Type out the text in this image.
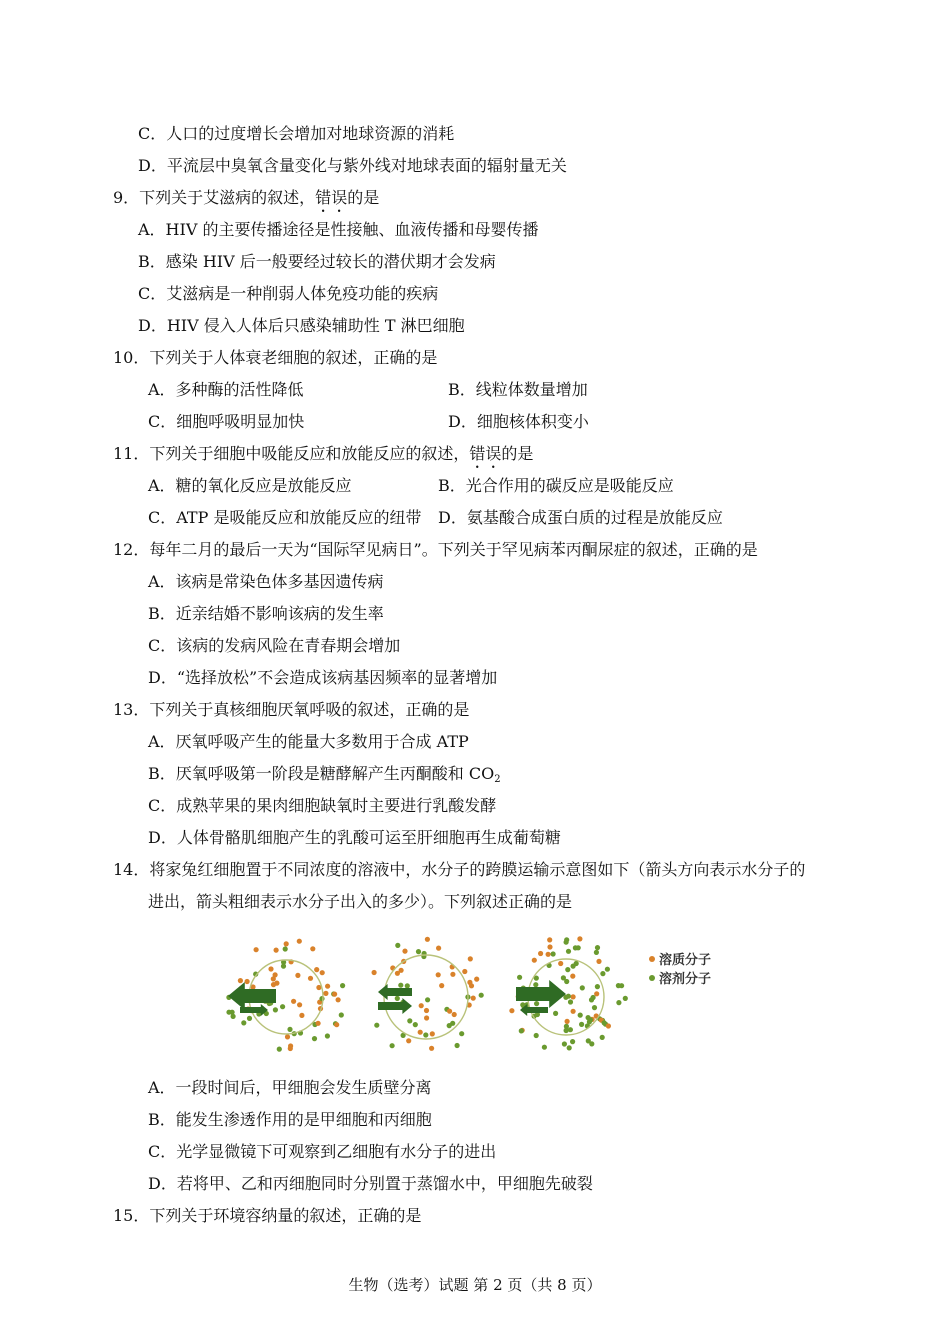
C．人口的过度增长会增加对地球资源的消耗
D．平流层中臭氧含量变化与紫外线对地球表面的辐射量无关
9．下列关于艾滋病的叙述，错误的是
A．HIV 的主要传播途径是性接触、血液传播和母婴传播
B．感染 HIV 后一般要经过较长的潜伏期才会发病
C．艾滋病是一种削弱人体免疫功能的疾病
D．HIV 侵入人体后只感染辅助性 T 淋巴细胞
10．下列关于人体衰老细胞的叙述，正确的是
A．多种酶的活性降低	B．线粒体数量增加
C．细胞呼吸明显加快	D．细胞核体积变小
11．下列关于细胞中吸能反应和放能反应的叙述，错误的是
A．糖的氧化反应是放能反应	B．光合作用的碳反应是吸能反应
C．ATP 是吸能反应和放能反应的纽带 D．氨基酸合成蛋白质的过程是放能反应
12．每年二月的最后一天为“国际罕见病日”。下列关于罕见病苯丙酮尿症的叙述，正确的是
A．该病是常染色体多基因遗传病
B．近亲结婚不影响该病的发生率
C．该病的发病风险在青春期会增加
D．“选择放松”不会造成该病基因频率的显著增加
13．下列关于真核细胞厌氧呼吸的叙述，正确的是
A．厌氧呼吸产生的能量大多数用于合成 ATP
B．厌氧呼吸第一阶段是糖酵解产生丙酮酸和 $CO_2$
C．成熟苹果的果肉细胞缺氧时主要进行乳酸发酵
D．人体骨骼肌细胞产生的乳酸可运至肝细胞再生成葡萄糖
14．将家兔红细胞置于不同浓度的溶液中，水分子的跨膜运输示意图如下（箭头方向表示水分子的
进出，箭头粗细表示水分子出入的多少）。下列叙述正确的是
溶质分子
溶剂分子
A．一段时间后，甲细胞会发生质壁分离
B．能发生渗透作用的是甲细胞和丙细胞
C．光学显微镜下可观察到乙细胞有水分子的进出
D．若将甲、乙和丙细胞同时分别置于蒸馏水中，甲细胞先破裂
15．下列关于环境容纳量的叙述，正确的是
生物（选考）试题 第 2 页（共 8 页）
